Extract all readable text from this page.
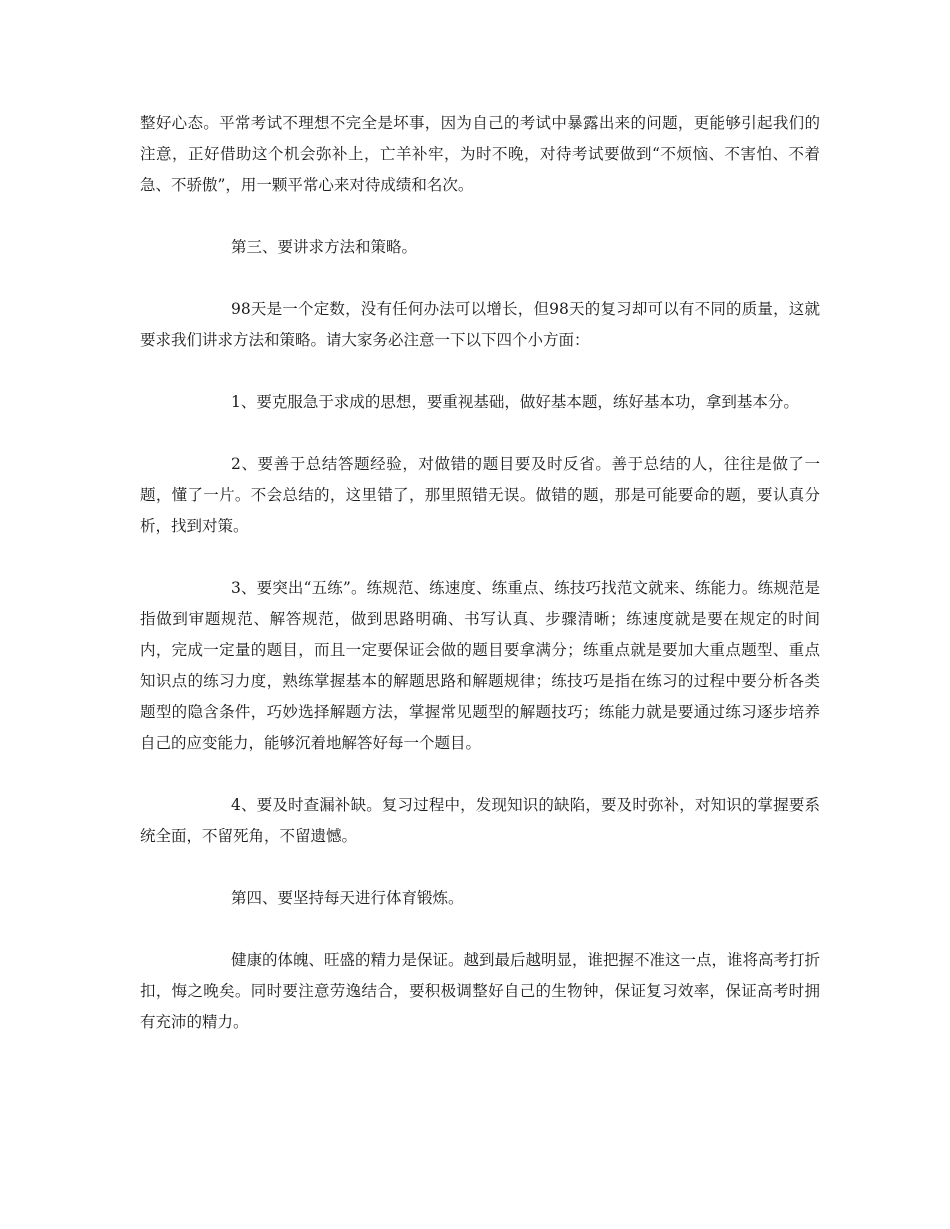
整好心态。平常考试不理想不完全是坏事，因为自己的考试中暴露出来的问题，更能够引起我们的注意，正好借助这个机会弥补上，亡羊补牢，为时不晚，对待考试要做到“不烦恼、不害怕、不着急、不骄傲”，用一颗平常心来对待成绩和名次。

第三、要讲求方法和策略。

98天是一个定数，没有任何办法可以增长，但98天的复习却可以有不同的质量，这就要求我们讲求方法和策略。请大家务必注意一下以下四个小方面：

1、要克服急于求成的思想，要重视基础，做好基本题，练好基本功，拿到基本分。

2、要善于总结答题经验，对做错的题目要及时反省。善于总结的人，往往是做了一题，懂了一片。不会总结的，这里错了，那里照错无误。做错的题，那是可能要命的题，要认真分析，找到对策。

3、要突出“五练”。练规范、练速度、练重点、练技巧找范文就来、练能力。练规范是指做到审题规范、解答规范，做到思路明确、书写认真、步骤清晰；练速度就是要在规定的时间内，完成一定量的题目，而且一定要保证会做的题目要拿满分；练重点就是要加大重点题型、重点知识点的练习力度，熟练掌握基本的解题思路和解题规律；练技巧是指在练习的过程中要分析各类题型的隐含条件，巧妙选择解题方法，掌握常见题型的解题技巧；练能力就是要通过练习逐步培养自己的应变能力，能够沉着地解答好每一个题目。

4、要及时查漏补缺。复习过程中，发现知识的缺陷，要及时弥补，对知识的掌握要系统全面，不留死角，不留遗憾。

第四、要坚持每天进行体育锻炼。

健康的体魄、旺盛的精力是保证。越到最后越明显，谁把握不准这一点，谁将高考打折扣，悔之晚矣。同时要注意劳逸结合，要积极调整好自己的生物钟，保证复习效率，保证高考时拥有充沛的精力。
